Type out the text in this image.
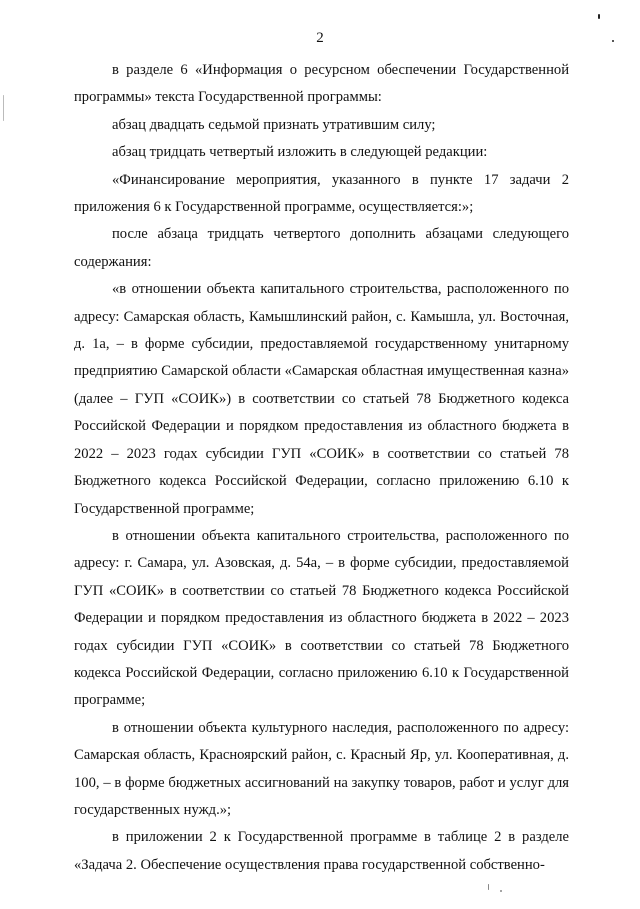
2

в разделе 6 «Информация о ресурсном обеспечении Государственной программы» текста Государственной программы:

абзац двадцать седьмой признать утратившим силу;

абзац тридцать четвертый изложить в следующей редакции:

«Финансирование мероприятия, указанного в пункте 17 задачи 2 приложения 6 к Государственной программе, осуществляется:»;

после абзаца тридцать четвертого дополнить абзацами следующего содержания:

«в отношении объекта капитального строительства, расположенного по адресу: Самарская область, Камышлинский район, с. Камышла, ул. Восточная, д. 1а, – в форме субсидии, предоставляемой государственному унитарному предприятию Самарской области «Самарская областная имущественная казна» (далее – ГУП «СОИК») в соответствии со статьей 78 Бюджетного кодекса Российской Федерации и порядком предоставления из областного бюджета в 2022 – 2023 годах субсидии ГУП «СОИК» в соответствии со статьей 78 Бюджетного кодекса Российской Федерации, согласно приложению 6.10 к Государственной программе;

в отношении объекта капитального строительства, расположенного по адресу: г. Самара, ул. Азовская, д. 54а, – в форме субсидии, предоставляемой ГУП «СОИК» в соответствии со статьей 78 Бюджетного кодекса Российской Федерации и порядком предоставления из областного бюджета в 2022 – 2023 годах субсидии ГУП «СОИК» в соответствии со статьей 78 Бюджетного кодекса Российской Федерации, согласно приложению 6.10 к Государственной программе;

в отношении объекта культурного наследия, расположенного по адресу: Самарская область, Красноярский район, с. Красный Яр, ул. Кооперативная, д. 100, – в форме бюджетных ассигнований на закупку товаров, работ и услуг для государственных нужд.»;

в приложении 2 к Государственной программе в таблице 2 в разделе «Задача 2. Обеспечение осуществления права государственной собственно-
